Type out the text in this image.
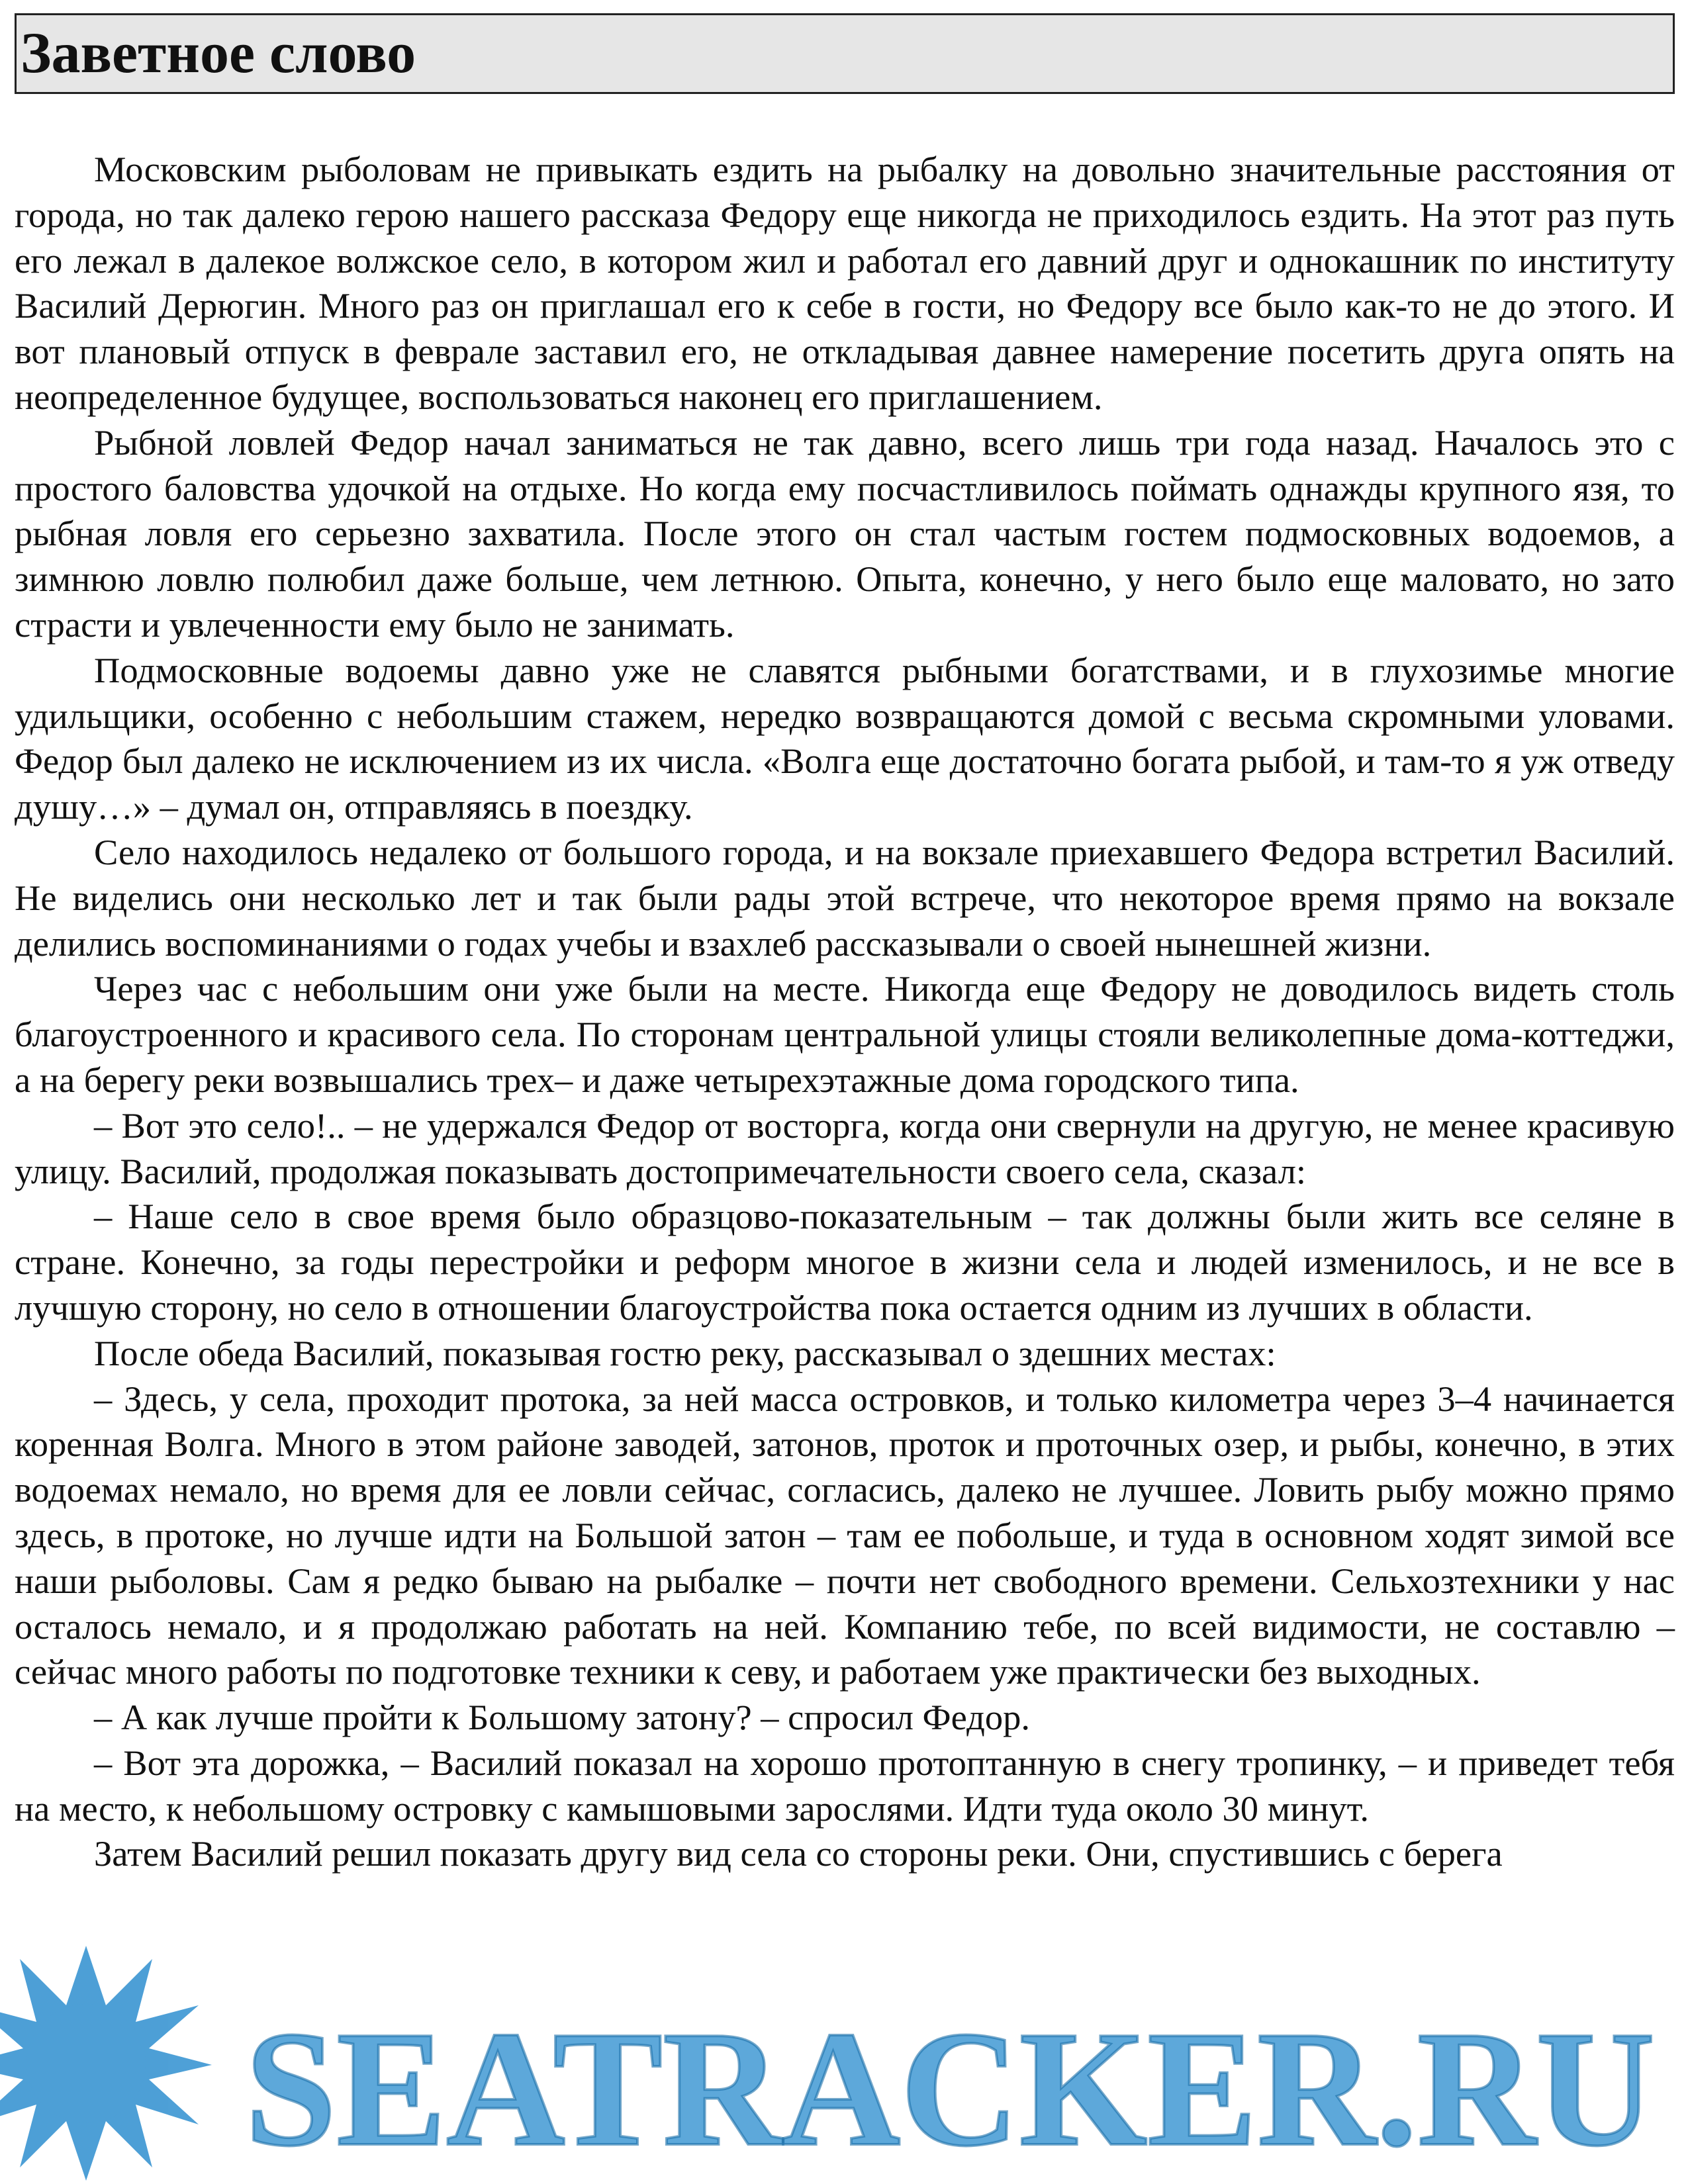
Заветное слово

Московским рыболовам не привыкать ездить на рыбалку на довольно значительные расстояния от города, но так далеко герою нашего рассказа Федору еще никогда не приходилось ездить. На этот раз путь его лежал в далекое волжское село, в котором жил и работал его давний друг и однокашник по институту Василий Дерюгин. Много раз он приглашал его к себе в гости, но Федору все было как-то не до этого. И вот плановый отпуск в феврале заставил его, не откладывая давнее намерение посетить друга опять на неопределенное будущее, воспользоваться наконец его приглашением.

Рыбной ловлей Федор начал заниматься не так давно, всего лишь три года назад. Началось это с простого баловства удочкой на отдыхе. Но когда ему посчастливилось поймать однажды крупного язя, то рыбная ловля его серьезно захватила. После этого он стал частым гостем подмосковных водоемов, а зимнюю ловлю полюбил даже больше, чем летнюю. Опыта, конечно, у него было еще маловато, но зато страсти и увлеченности ему было не занимать.

Подмосковные водоемы давно уже не славятся рыбными богатствами, и в глухозимье многие удильщики, особенно с небольшим стажем, нередко возвращаются домой с весьма скромными уловами. Федор был далеко не исключением из их числа. «Волга еще достаточно богата рыбой, и там-то я уж отведу душу…» – думал он, отправляясь в поездку.

Село находилось недалеко от большого города, и на вокзале приехавшего Федора встретил Василий. Не виделись они несколько лет и так были рады этой встрече, что некоторое время прямо на вокзале делились воспоминаниями о годах учебы и взахлеб рассказывали о своей нынешней жизни.

Через час с небольшим они уже были на месте. Никогда еще Федору не доводилось видеть столь благоустроенного и красивого села. По сторонам центральной улицы стояли великолепные дома-коттеджи, а на берегу реки возвышались трех– и даже четырехэтажные дома городского типа.

– Вот это село!.. – не удержался Федор от восторга, когда они свернули на другую, не менее красивую улицу. Василий, продолжая показывать достопримечательности своего села, сказал:

– Наше село в свое время было образцово-показательным – так должны были жить все селяне в стране. Конечно, за годы перестройки и реформ многое в жизни села и людей изменилось, и не все в лучшую сторону, но село в отношении благоустройства пока остается одним из лучших в области.

После обеда Василий, показывая гостю реку, рассказывал о здешних местах:

– Здесь, у села, проходит протока, за ней масса островков, и только километра через 3–4 начинается коренная Волга. Много в этом районе заводей, затонов, проток и проточных озер, и рыбы, конечно, в этих водоемах немало, но время для ее ловли сейчас, согласись, далеко не лучшее. Ловить рыбу можно прямо здесь, в протоке, но лучше идти на Большой затон – там ее побольше, и туда в основном ходят зимой все наши рыболовы. Сам я редко бываю на рыбалке – почти нет свободного времени. Сельхозтехники у нас осталось немало, и я продолжаю работать на ней. Компанию тебе, по всей видимости, не составлю – сейчас много работы по подготовке техники к севу, и работаем уже практически без выходных.

– А как лучше пройти к Большому затону? – спросил Федор.

– Вот эта дорожка, – Василий показал на хорошо протоптанную в снегу тропинку, – и приведет тебя на место, к небольшому островку с камышовыми зарослями. Идти туда около 30 минут.

Затем Василий решил показать другу вид села со стороны реки. Они, спустившись с берега

SEATRACKER.RU
